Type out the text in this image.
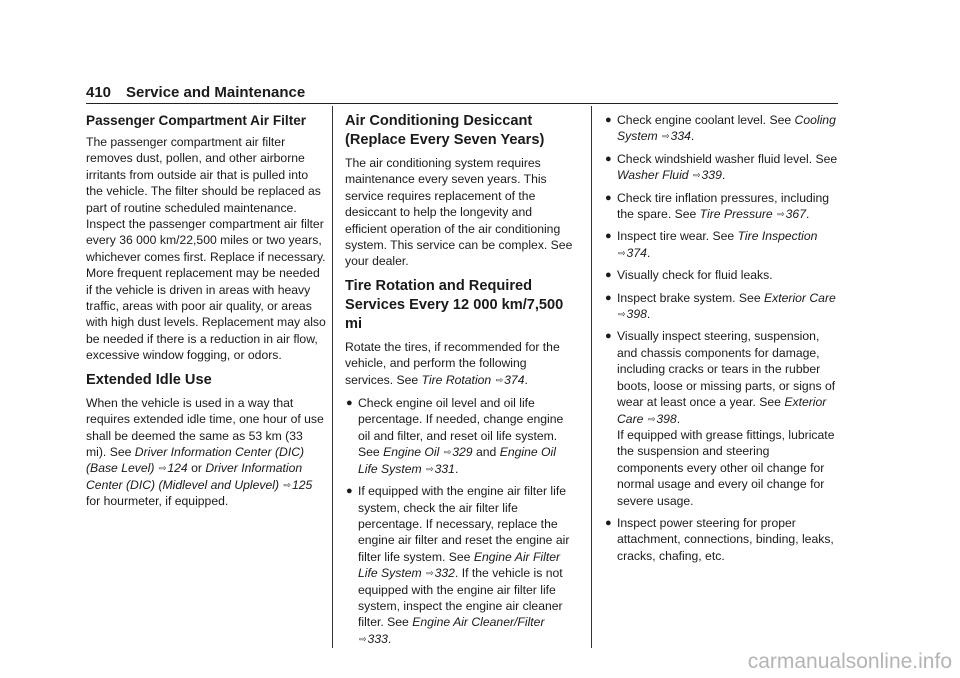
410 Service and Maintenance
Passenger Compartment Air Filter

The passenger compartment air filter removes dust, pollen, and other airborne irritants from outside air that is pulled into the vehicle. The filter should be replaced as part of routine scheduled maintenance. Inspect the passenger compartment air filter every 36 000 km/22,500 miles or two years, whichever comes first. Replace if necessary. More frequent replacement may be needed if the vehicle is driven in areas with heavy traffic, areas with poor air quality, or areas with high dust levels. Replacement may also be needed if there is a reduction in air flow, excessive window fogging, or odors.

Extended Idle Use

When the vehicle is used in a way that requires extended idle time, one hour of use shall be deemed the same as 53 km (33 mi). See Driver Information Center (DIC) (Base Level) ⇨124 or Driver Information Center (DIC) (Midlevel and Uplevel) ⇨125 for hourmeter, if equipped.

Air Conditioning Desiccant (Replace Every Seven Years)

The air conditioning system requires maintenance every seven years. This service requires replacement of the desiccant to help the longevity and efficient operation of the air conditioning system. This service can be complex. See your dealer.

Tire Rotation and Required Services Every 12 000 km/7,500 mi

Rotate the tires, if recommended for the vehicle, and perform the following services. See Tire Rotation ⇨374.

● Check engine oil level and oil life percentage. If needed, change engine oil and filter, and reset oil life system. See Engine Oil ⇨329 and Engine Oil Life System ⇨331.
● If equipped with the engine air filter life system, check the air filter life percentage. If necessary, replace the engine air filter and reset the engine air filter life system. See Engine Air Filter Life System ⇨332. If the vehicle is not equipped with the engine air filter life system, inspect the engine air cleaner filter. See Engine Air Cleaner/Filter ⇨333.
● Check engine coolant level. See Cooling System ⇨334.
● Check windshield washer fluid level. See Washer Fluid ⇨339.
● Check tire inflation pressures, including the spare. See Tire Pressure ⇨367.
● Inspect tire wear. See Tire Inspection ⇨374.
● Visually check for fluid leaks.
● Inspect brake system. See Exterior Care ⇨398.
● Visually inspect steering, suspension, and chassis components for damage, including cracks or tears in the rubber boots, loose or missing parts, or signs of wear at least once a year. See Exterior Care ⇨398.
If equipped with grease fittings, lubricate the suspension and steering components every other oil change for normal usage and every oil change for severe usage.
● Inspect power steering for proper attachment, connections, binding, leaks, cracks, chafing, etc.
carmanualsonline.info
